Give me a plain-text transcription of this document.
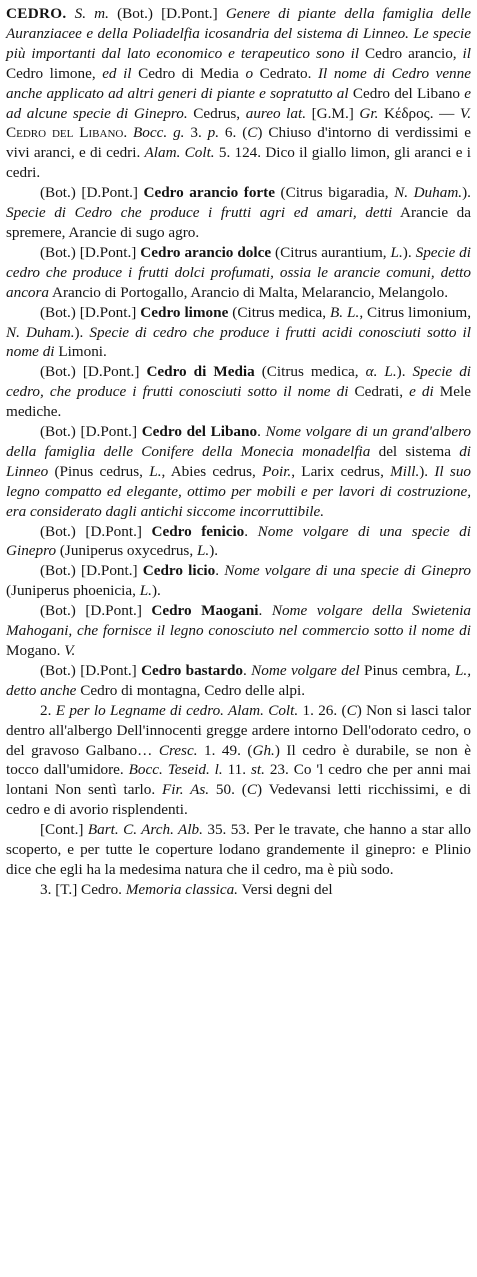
CEDRO. S. m. (Bot.) [D.Pont.] Genere di piante della famiglia delle Auranziacee e della Poliadelfia icosandria del sistema di Linneo. Le specie più importanti dal lato economico e terapeutico sono il Cedro arancio, il Cedro limone, ed il Cedro di Media o Cedrato. Il nome di Cedro venne anche applicato ad altri generi di piante e sopratutto al Cedro del Libano e ad alcune specie di Ginepro. Cedrus, aureo lat. [G.M.] Gr. Κέδρος. — V. Cedro del Libano. Bocc. g. 3. p. 6. (C) Chiuso d'intorno di verdissimi e vivi aranci, e di cedri. Alam. Colt. 5. 124. Dico il giallo limon, gli aranci e i cedri.

(Bot.) [D.Pont.] Cedro arancio forte (Citrus bigaradia, N. Duham.). Specie di Cedro che produce i frutti agri ed amari, detti Arancie da spremere, Arancie di sugo agro.

(Bot.) [D.Pont.] Cedro arancio dolce (Citrus aurantium, L.). Specie di cedro che produce i frutti dolci profumati, ossia le arancie comuni, detto ancora Arancio di Portogallo, Arancio di Malta, Melarancio, Melangolo.

(Bot.) [D.Pont.] Cedro limone (Citrus medica, B. L., Citrus limonium, N. Duham.). Specie di cedro che produce i frutti acidi conosciuti sotto il nome di Limoni.

(Bot.) [D.Pont.] Cedro di Media (Citrus medica, α. L.). Specie di cedro, che produce i frutti conosciuti sotto il nome di Cedrati, e di Mele mediche.

(Bot.) [D.Pont.] Cedro del Libano. Nome volgare di un grand'albero della famiglia delle Conifere della Monecia monadelfia del sistema di Linneo (Pinus cedrus, L., Abies cedrus, Poir., Larix cedrus, Mill.). Il suo legno compatto ed elegante, ottimo per mobili e per lavori di costruzione, era considerato dagli antichi siccome incorruttibile.

(Bot.) [D.Pont.] Cedro fenicio. Nome volgare di una specie di Ginepro (Juniperus oxycedrus, L.).

(Bot.) [D.Pont.] Cedro licio. Nome volgare di una specie di Ginepro (Juniperus phoenicia, L.).

(Bot.) [D.Pont.] Cedro Maogani. Nome volgare della Swietenia Mahogani, che fornisce il legno conosciuto nel commercio sotto il nome di Mogano. V.

(Bot.) [D.Pont.] Cedro bastardo. Nome volgare del Pinus cembra, L., detto anche Cedro di montagna, Cedro delle alpi.

2. E per lo Legname di cedro. Alam. Colt. 1. 26. (C) Non si lasci talor dentro all'albergo Dell'innocenti gregge ardere intorno Dell'odorato cedro, o del gravoso Galbano… Cresc. 1. 49. (Gh.) Il cedro è durabile, se non è tocco dall'umidore. Bocc. Teseid. l. 11. st. 23. Co 'l cedro che per anni mai lontani Non sentì tarlo. Fir. As. 50. (C) Vedevansi letti ricchissimi, e di cedro e di avorio risplendenti.

[Cont.] Bart. C. Arch. Alb. 35. 53. Per le travate, che hanno a star allo scoperto, e per tutte le coperture lodano grandemente il ginepro: e Plinio dice che egli ha la medesima natura che il cedro, ma è più sodo.

3. [T.] Cedro. Memoria classica. Versi degni del
